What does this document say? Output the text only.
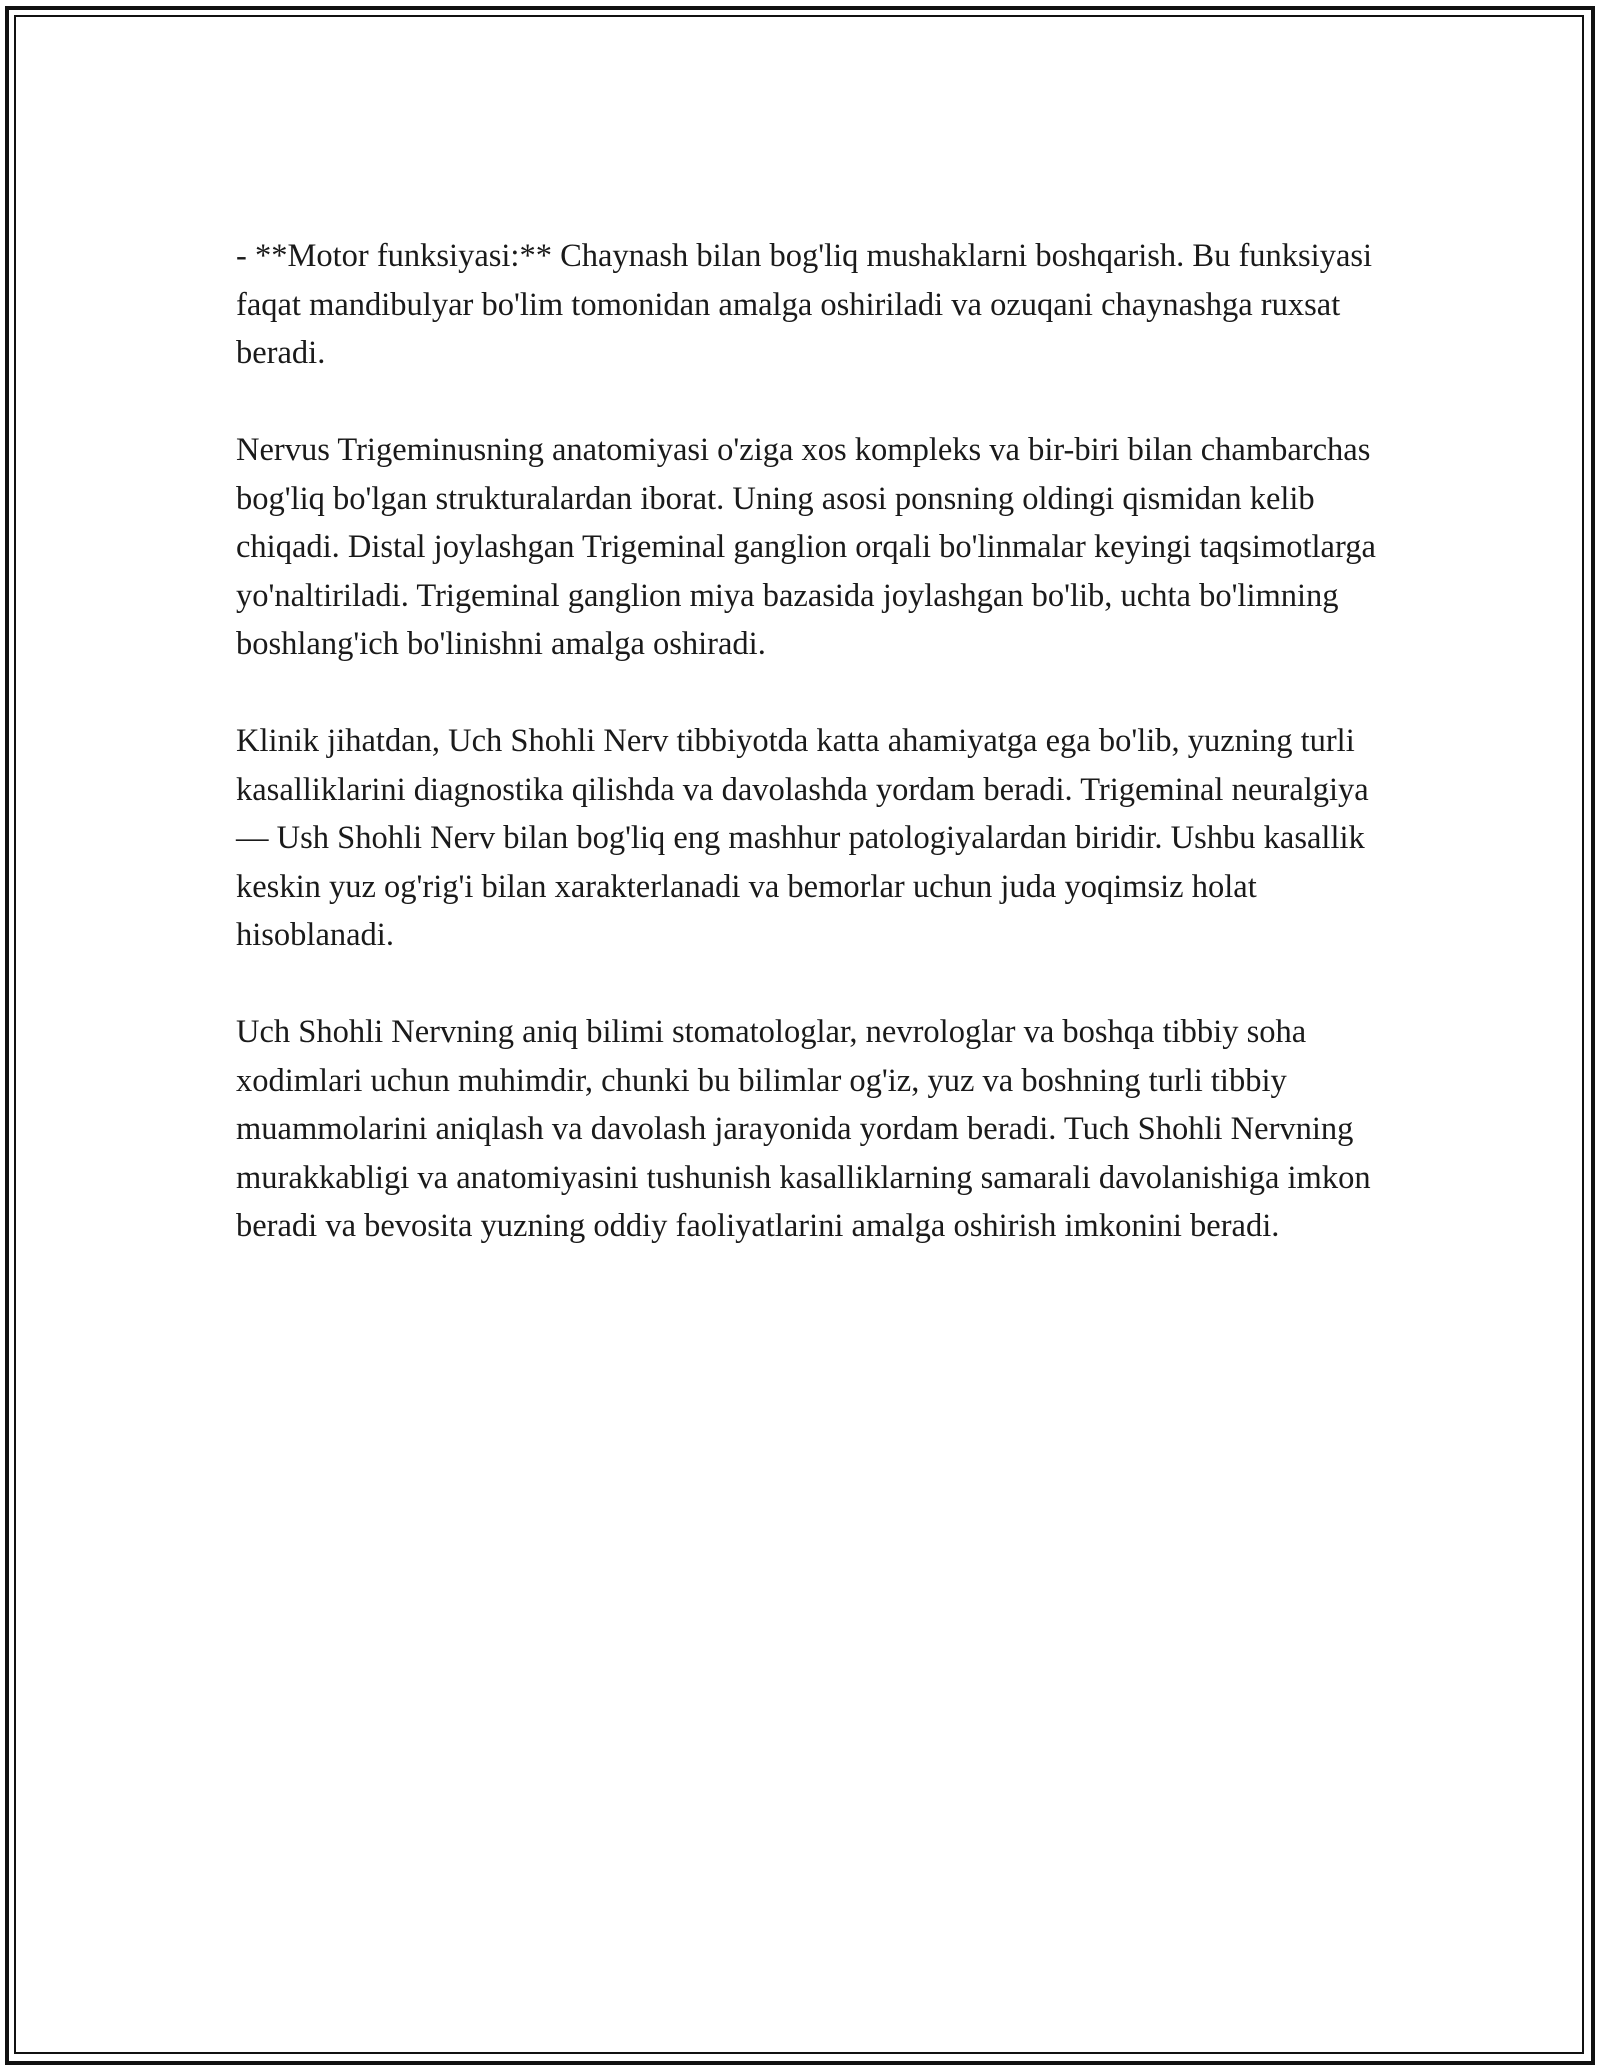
- **Motor funksiyasi:** Chaynash bilan bog'liq mushaklarni boshqarish. Bu funksiyasi faqat mandibulyar bo'lim tomonidan amalga oshiriladi va ozuqani chaynashga ruxsat beradi.

Nervus Trigeminusning anatomiyasi o'ziga xos kompleks va bir-biri bilan chambarchas bog'liq bo'lgan strukturalardan iborat. Uning asosi ponsning oldingi qismidan kelib chiqadi. Distal joylashgan Trigeminal ganglion orqali bo'linmalar keyingi taqsimotlarga yo'naltiriladi. Trigeminal ganglion miya bazasida joylashgan bo'lib, uchta bo'limning boshlang'ich bo'linishni amalga oshiradi.

Klinik jihatdan, Uch Shohli Nerv tibbiyotda katta ahamiyatga ega bo'lib, yuzning turli kasalliklarini diagnostika qilishda va davolashda yordam beradi. Trigeminal neuralgiya — Ush Shohli Nerv bilan bog'liq eng mashhur patologiyalardan biridir. Ushbu kasallik keskin yuz og'rig'i bilan xarakterlanadi va bemorlar uchun juda yoqimsiz holat hisoblanadi.

Uch Shohli Nervning aniq bilimi stomatologlar, nevrologlar va boshqa tibbiy soha xodimlari uchun muhimdir, chunki bu bilimlar og'iz, yuz va boshning turli tibbiy muammolarini aniqlash va davolash jarayonida yordam beradi. Tuch Shohli Nervning murakkabligi va anatomiyasini tushunish kasalliklarning samarali davolanishiga imkon beradi va bevosita yuzning oddiy faoliyatlarini amalga oshirish imkonini beradi.
